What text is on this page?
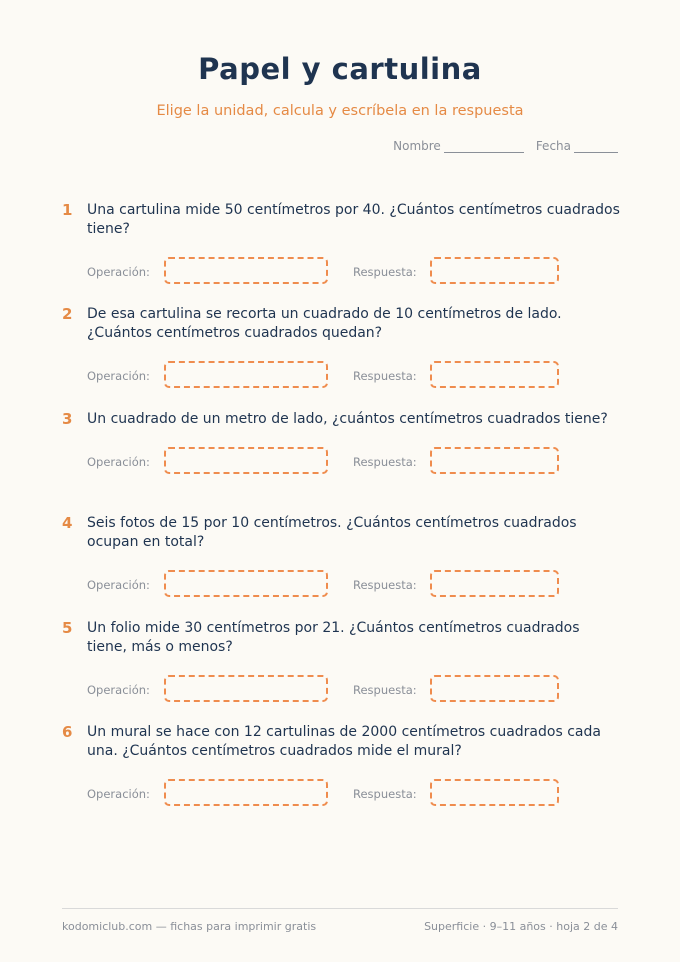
Papel y cartulina
Elige la unidad, calcula y escríbela en la respuesta
Nombre	Fecha
1	Una cartulina mide 50 centímetros por 40. ¿Cuántos centímetros cuadrados tiene?
Operación:	Respuesta:
2	De esa cartulina se recorta un cuadrado de 10 centímetros de lado. ¿Cuántos centímetros cuadrados quedan?
Operación:	Respuesta:
3	Un cuadrado de un metro de lado, ¿cuántos centímetros cuadrados tiene?
Operación:	Respuesta:
4	Seis fotos de 15 por 10 centímetros. ¿Cuántos centímetros cuadrados ocupan en total?
Operación:	Respuesta:
5	Un folio mide 30 centímetros por 21. ¿Cuántos centímetros cuadrados tiene, más o menos?
Operación:	Respuesta:
6	Un mural se hace con 12 cartulinas de 2000 centímetros cuadrados cada una. ¿Cuántos centímetros cuadrados mide el mural?
Operación:	Respuesta:
kodomiclub.com — fichas para imprimir gratis	Superficie · 9–11 años · hoja 2 de 4
